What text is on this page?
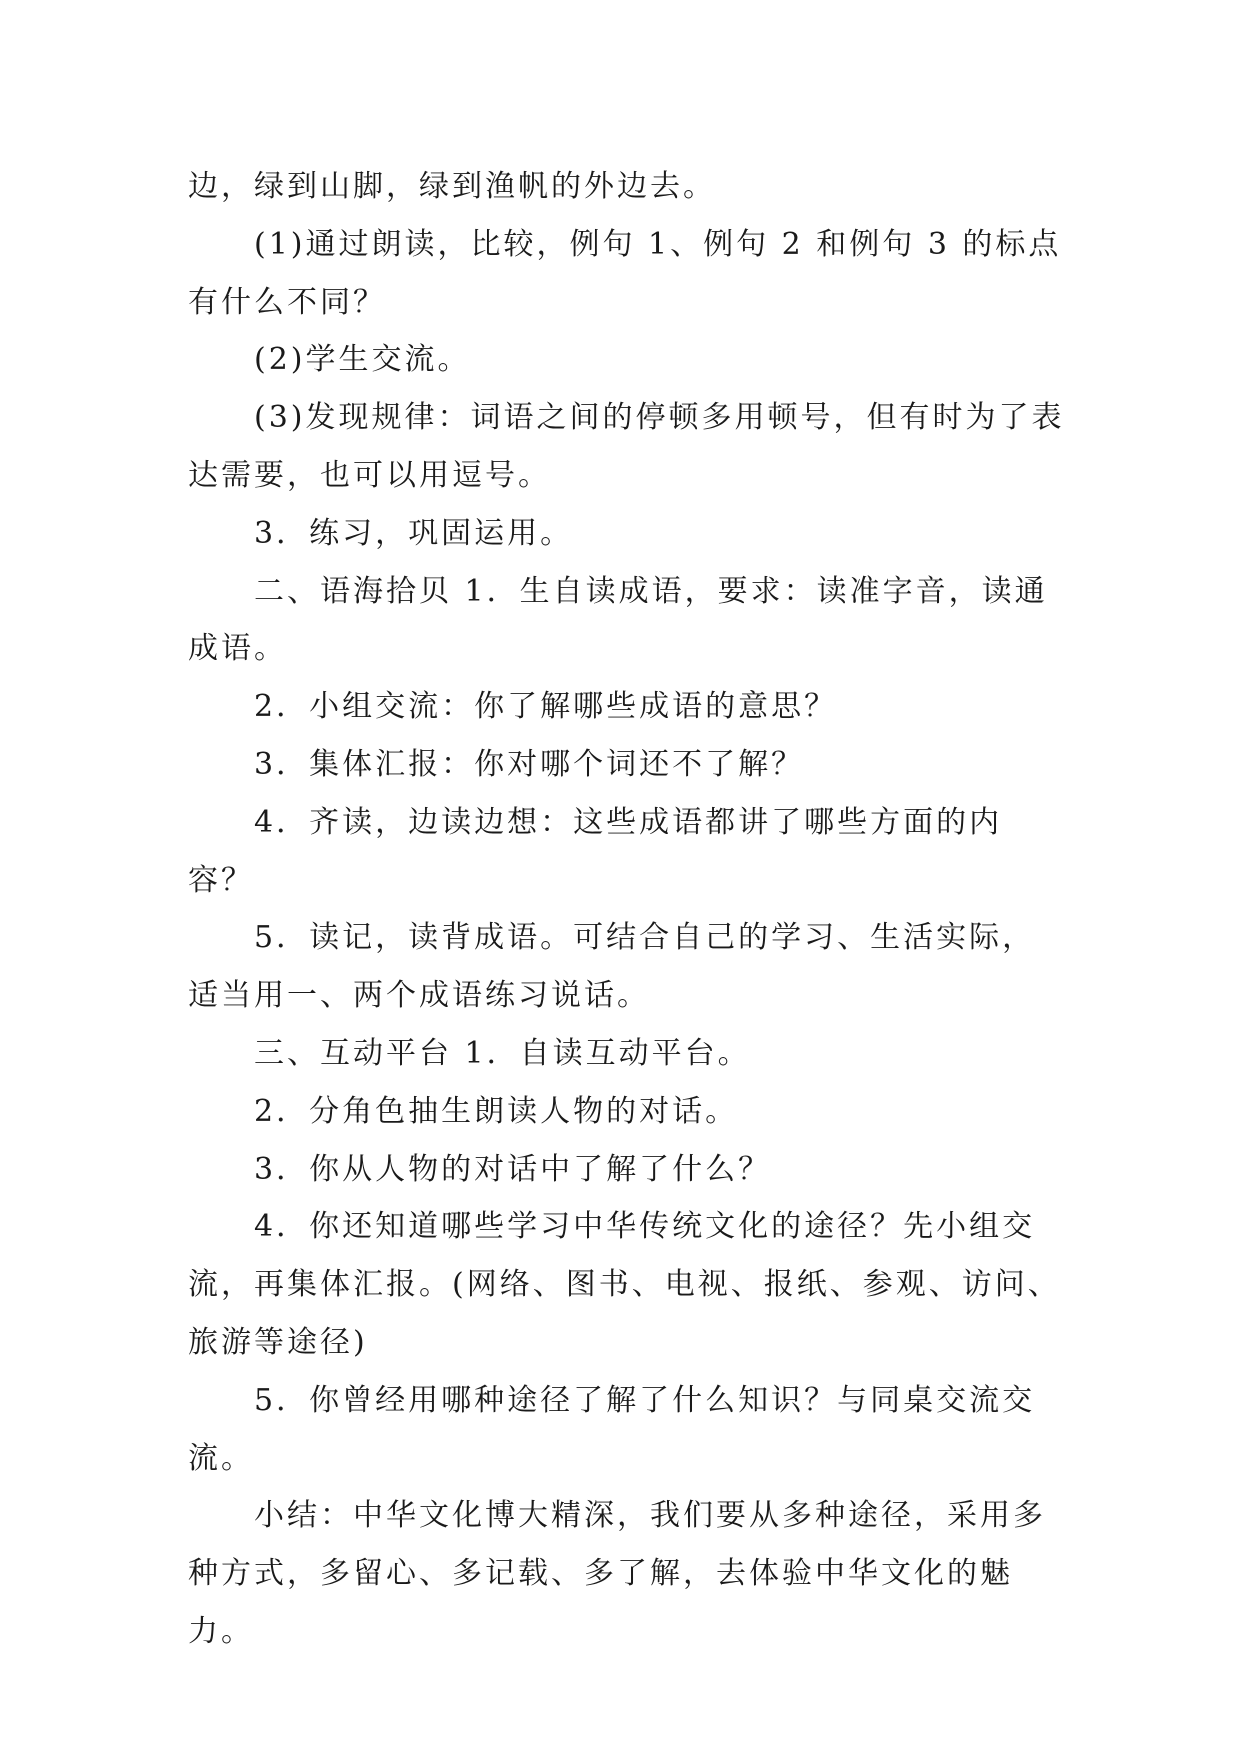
边，绿到山脚，绿到渔帆的外边去。

(1)通过朗读，比较，例句 1、例句 2 和例句 3 的标点有什么不同？

(2)学生交流。

(3)发现规律：词语之间的停顿多用顿号，但有时为了表达需要，也可以用逗号。

3．练习，巩固运用。

二、语海拾贝 1．生自读成语，要求：读准字音，读通成语。

2．小组交流：你了解哪些成语的意思？

3．集体汇报：你对哪个词还不了解？

4．齐读，边读边想：这些成语都讲了哪些方面的内容？

5．读记，读背成语。可结合自己的学习、生活实际，适当用一、两个成语练习说话。

三、互动平台 1．自读互动平台。

2．分角色抽生朗读人物的对话。

3．你从人物的对话中了解了什么？

4．你还知道哪些学习中华传统文化的途径？先小组交流，再集体汇报。(网络、图书、电视、报纸、参观、访问、旅游等途径)

5．你曾经用哪种途径了解了什么知识？与同桌交流交流。

小结：中华文化博大精深，我们要从多种途径，采用多种方式，多留心、多记载、多了解，去体验中华文化的魅力。
